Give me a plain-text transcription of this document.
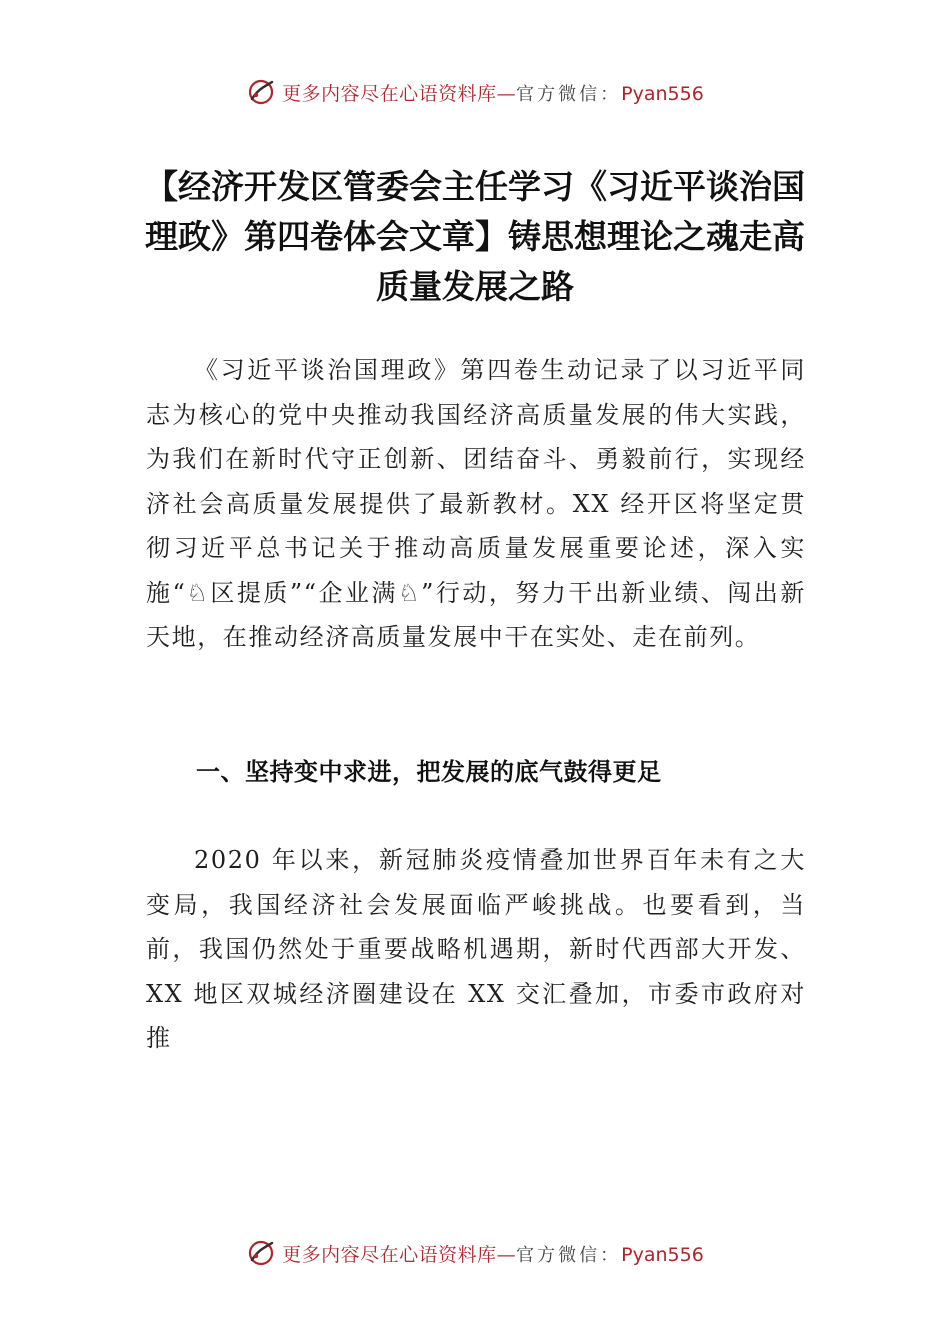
更多内容尽在心语资料库—官方微信：Pyan556
【经济开发区管委会主任学习《习近平谈治国理政》第四卷体会文章】铸思想理论之魂走高质量发展之路

《习近平谈治国理政》第四卷生动记录了以习近平同志为核心的党中央推动我国经济高质量发展的伟大实践，为我们在新时代守正创新、团结奋斗、勇毅前行，实现经济社会高质量发展提供了最新教材。XX 经开区将坚定贯彻习近平总书记关于推动高质量发展重要论述，深入实施“♘区提质”“企业满♘”行动，努力干出新业绩、闯出新天地，在推动经济高质量发展中干在实处、走在前列。

一、坚持变中求进，把发展的底气鼓得更足

2020 年以来，新冠肺炎疫情叠加世界百年未有之大变局，我国经济社会发展面临严峻挑战。也要看到，当前，我国仍然处于重要战略机遇期，新时代西部大开发、XX 地区双城经济圈建设在 XX 交汇叠加，市委市政府对推

更多内容尽在心语资料库—官方微信：Pyan556
